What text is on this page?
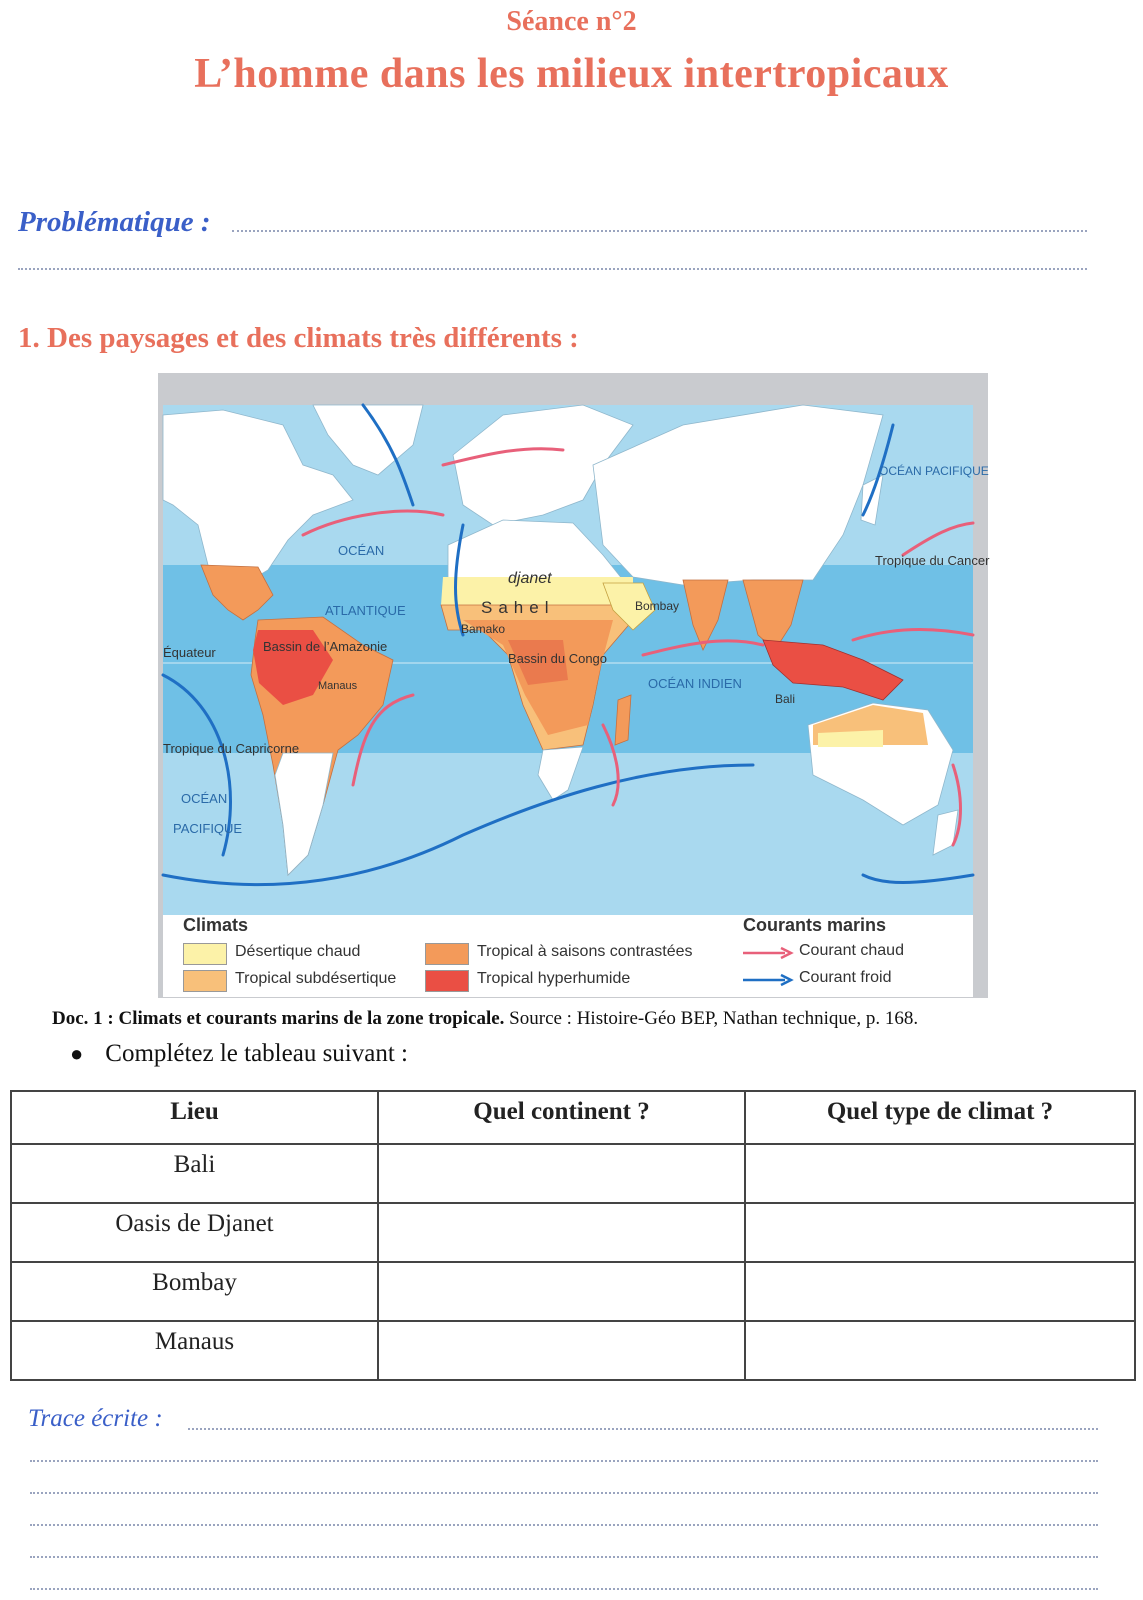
Séance n°2
L’homme dans les milieux intertropicaux
Problématique :
1. Des paysages et des climats très différents :
djanet
Sahel
Bamako
Bombay
OCÉAN PACIFIQUE
Tropique du Cancer
OCÉAN
ATLANTIQUE
Bassin de l’Amazonie
Manaus
Équateur	Bassin du Congo
OCÉAN INDIEN
Bali
Tropique du Capricorne
OCÉAN
PACIFIQUE
Climats
Désertique chaud
Tropical subdésertique
Tropical à saisons contrastées
Tropical hyperhumide
Courants marins
Courant chaud
Courant froid
Doc. 1 : Climats et courants marins de la zone tropicale. Source : Histoire-Géo BEP, Nathan technique, p. 168.
● Complétez le tableau suivant :
Lieu	Quel continent ?	Quel type de climat ?
Bali		
Oasis de Djanet		
Bombay		
Manaus		
Trace écrite :
